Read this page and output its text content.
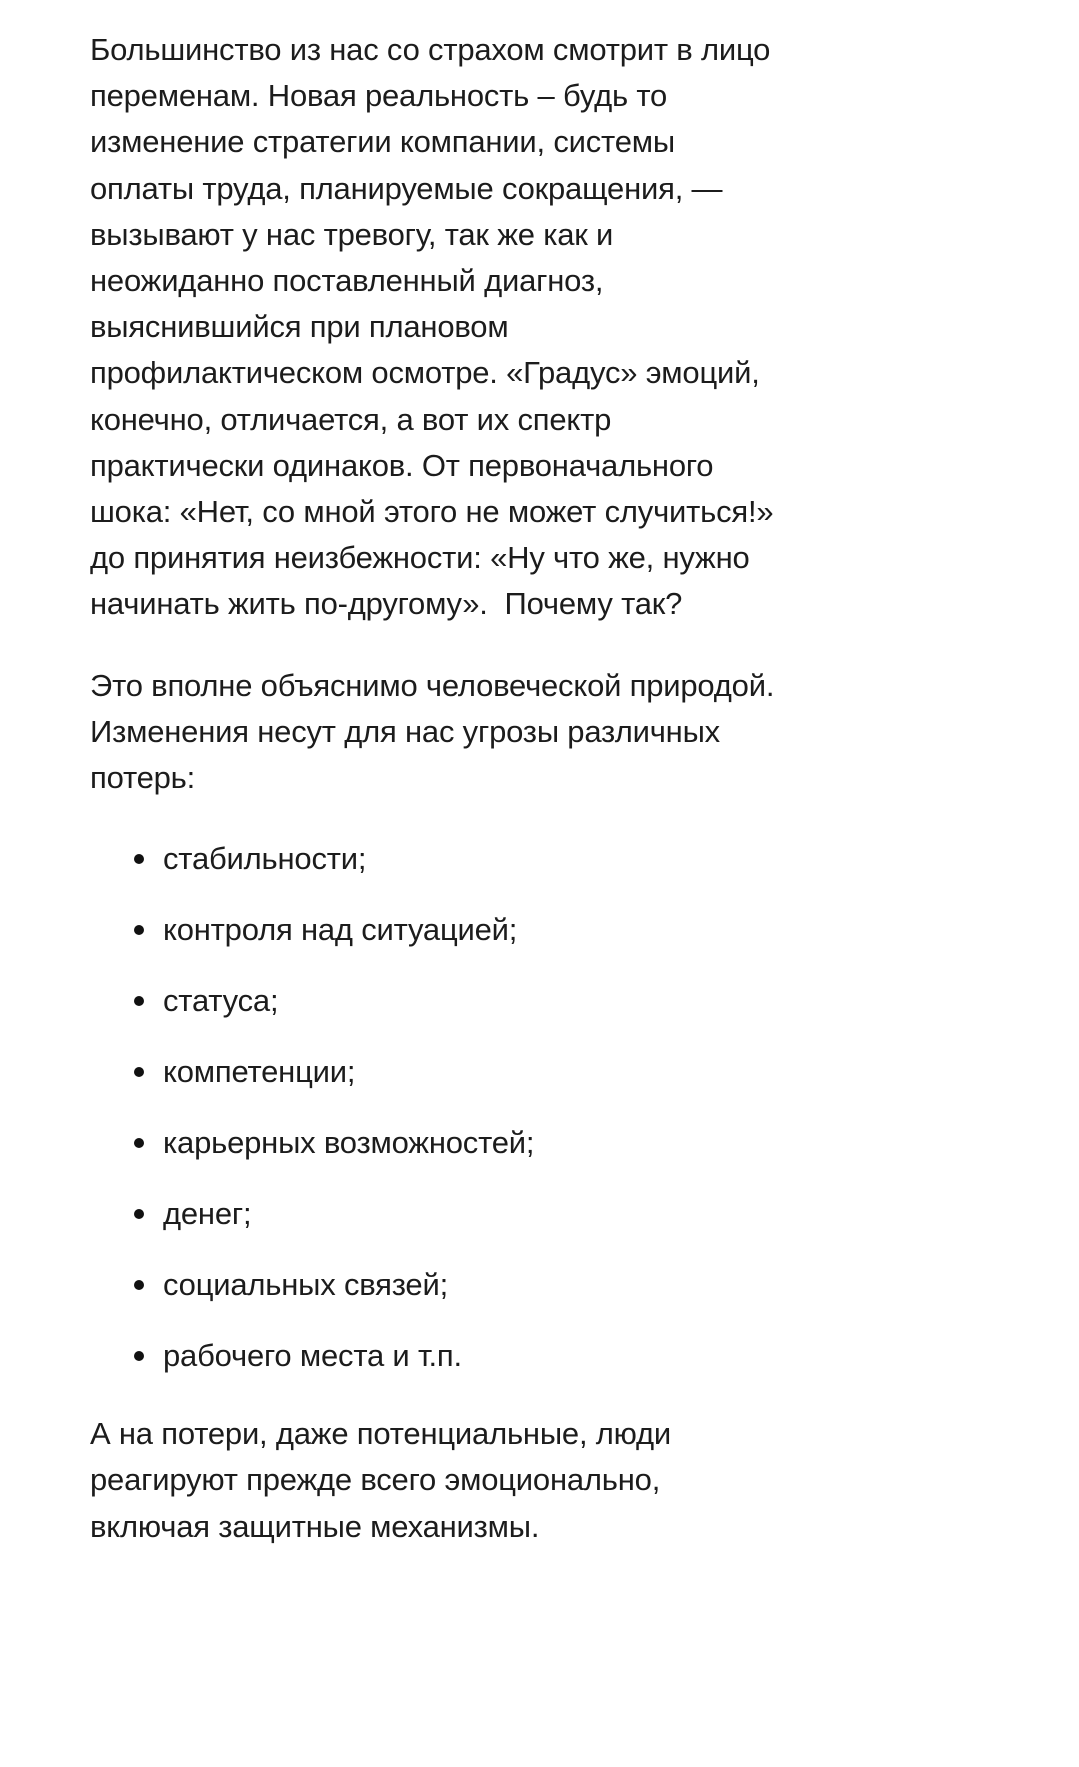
Большинство из нас со страхом смотрит в лицо
переменам. Новая реальность – будь то
изменение стратегии компании, системы
оплаты труда, планируемые сокращения, —
вызывают у нас тревогу, так же как и
неожиданно поставленный диагноз,
выяснившийся при плановом
профилактическом осмотре. «Градус» эмоций,
конечно, отличается, а вот их спектр
практически одинаков. От первоначального
шока: «Нет, со мной этого не может случиться!»
до принятия неизбежности: «Ну что же, нужно
начинать жить по-другому».  Почему так?

Это вполне объяснимо человеческой природой.
Изменения несут для нас угрозы различных
потерь:

стабильности;
контроля над ситуацией;
статуса;
компетенции;
карьерных возможностей;
денег;
социальных связей;
рабочего места и т.п.

А на потери, даже потенциальные, люди
реагируют прежде всего эмоционально,
включая защитные механизмы.
